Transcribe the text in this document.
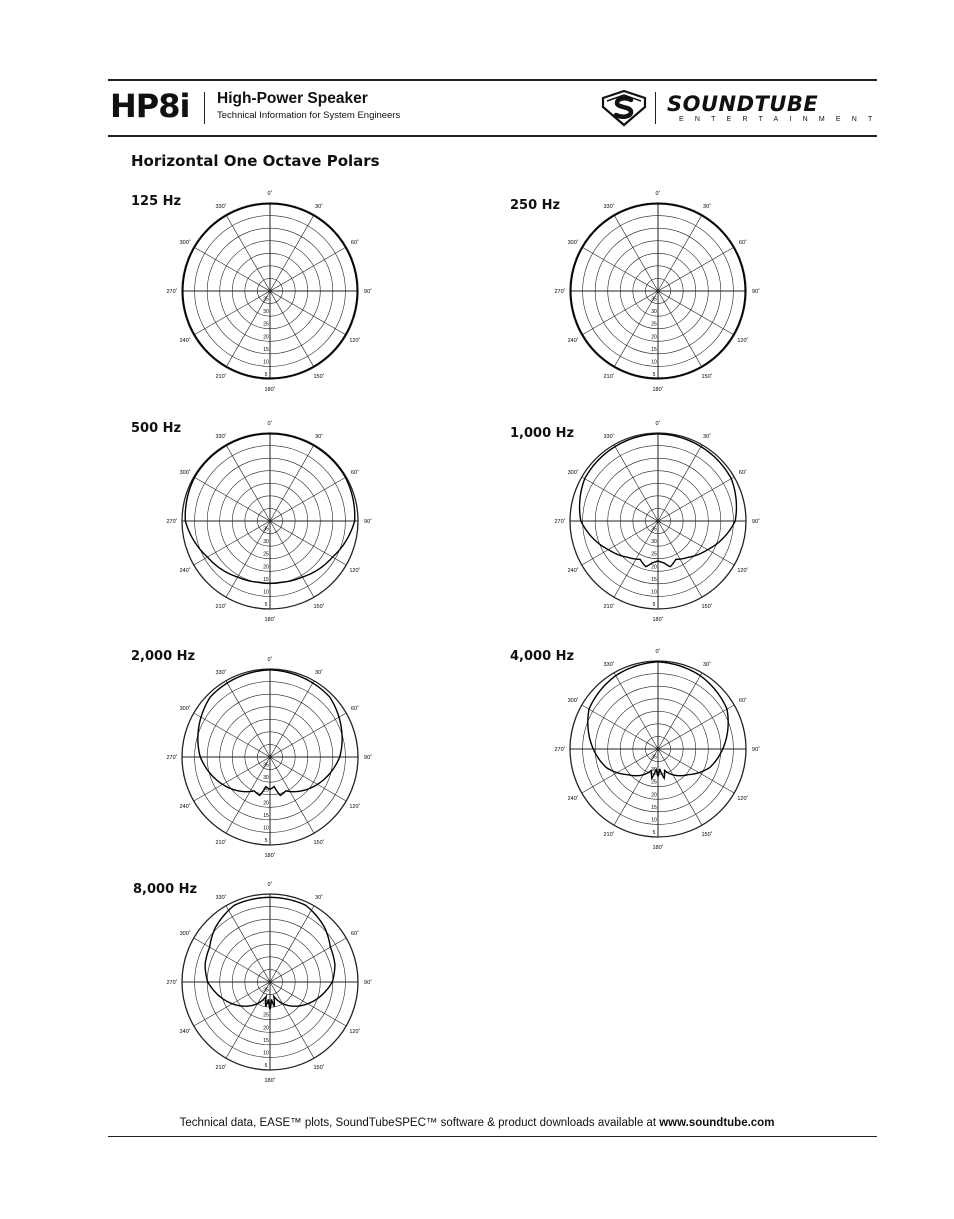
HP8i High-Power Speaker
Technical Information for System Engineers	SOUNDTUBE
ENTERTAINMENT
Horizontal One Octave Polars
125 Hz	250 Hz
500 Hz	1,000 Hz
2,000 Hz	4,000 Hz
8,000 Hz
0˚
30˚
60˚
90˚
120˚
150˚
180˚
210˚
240˚
270˚
300˚
330˚
5
10
15
20
25
30
35
0˚
30˚
60˚
90˚
120˚
150˚
180˚
210˚
240˚
270˚
300˚
330˚
5
10
15
20
25
30
35
0˚
30˚
60˚
90˚
120˚
150˚
180˚
210˚
240˚
270˚
300˚
330˚
5
10
15
20
25
30
35
0˚
30˚
60˚
90˚
120˚
150˚
180˚
210˚
240˚
270˚
300˚
330˚
5
10
15
20
25
30
35
0˚
30˚
60˚
90˚
120˚
150˚
180˚
210˚
240˚
270˚
300˚
330˚
5
10
15
20
25
30
35
0˚
30˚
60˚
90˚
120˚
150˚
180˚
210˚
240˚
270˚
300˚
330˚
5
10
15
20
25
30
35
0˚
30˚
60˚
90˚
120˚
150˚
180˚
210˚
240˚
270˚
300˚
330˚
5
10
15
20
25
30
35
Technical data, EASE™ plots, SoundTubeSPEC™ software & product downloads available at www.soundtube.com
